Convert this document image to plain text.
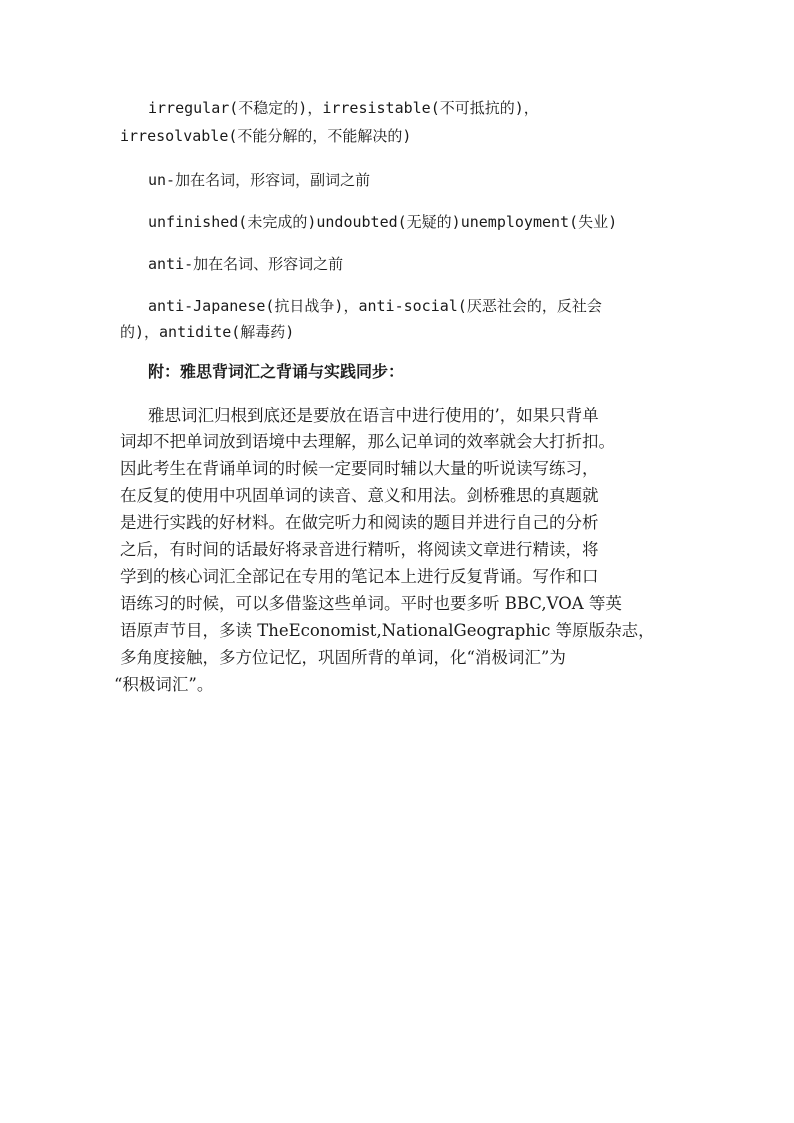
irregular(不稳定的)，irresistable(不可抵抗的)，
irresolvable(不能分解的，不能解决的)
un-加在名词，形容词，副词之前
unfinished(未完成的)undoubted(无疑的)unemployment(失业)
anti-加在名词、形容词之前
anti-Japanese(抗日战争)，anti-social(厌恶社会的，反社会
的)，antidite(解毒药)
附：雅思背词汇之背诵与实践同步：
雅思词汇归根到底还是要放在语言中进行使用的’，如果只背单
词却不把单词放到语境中去理解，那么记单词的效率就会大打折扣。
因此考生在背诵单词的时候一定要同时辅以大量的听说读写练习，
在反复的使用中巩固单词的读音、意义和用法。剑桥雅思的真题就
是进行实践的好材料。在做完听力和阅读的题目并进行自己的分析
之后，有时间的话最好将录音进行精听，将阅读文章进行精读，将
学到的核心词汇全部记在专用的笔记本上进行反复背诵。写作和口
语练习的时候，可以多借鉴这些单词。平时也要多听 BBC,VOA 等英
语原声节目，多读 TheEconomist,NationalGeographic 等原版杂志，
多角度接触，多方位记忆，巩固所背的单词，化“消极词汇”为
“积极词汇”。
